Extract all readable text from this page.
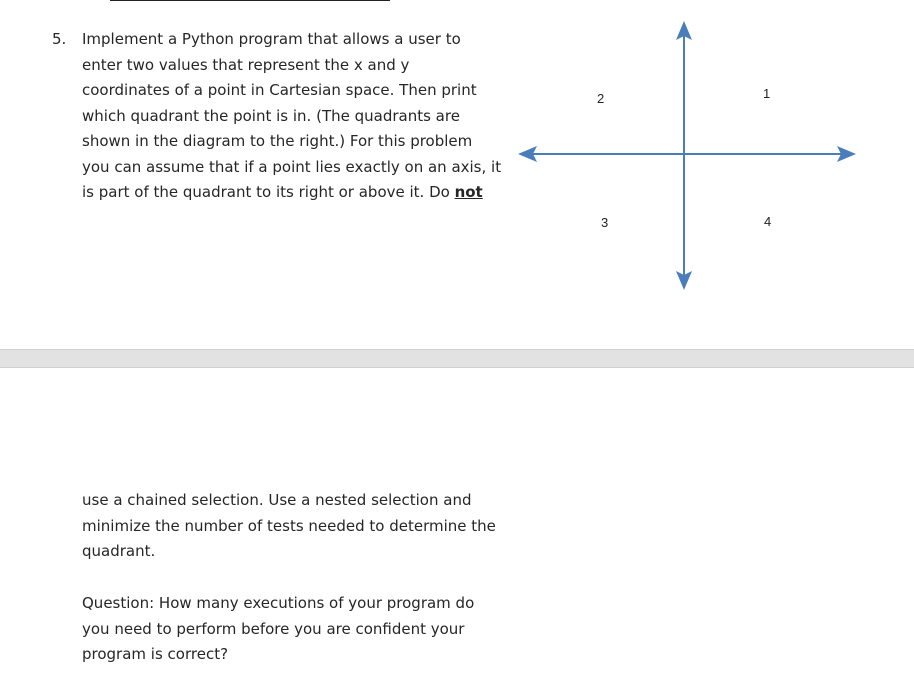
5. Implement a Python program that allows a user to
enter two values that represent the x and y
coordinates of a point in Cartesian space. Then print
which quadrant the point is in. (The quadrants are
shown in the diagram to the right.) For this problem
you can assume that if a point lies exactly on an axis, it
is part of the quadrant to its right or above it. Do not

1
2
3	4

use a chained selection. Use a nested selection and
minimize the number of tests needed to determine the
quadrant.

Question: How many executions of your program do
you need to perform before you are confident your
program is correct?
